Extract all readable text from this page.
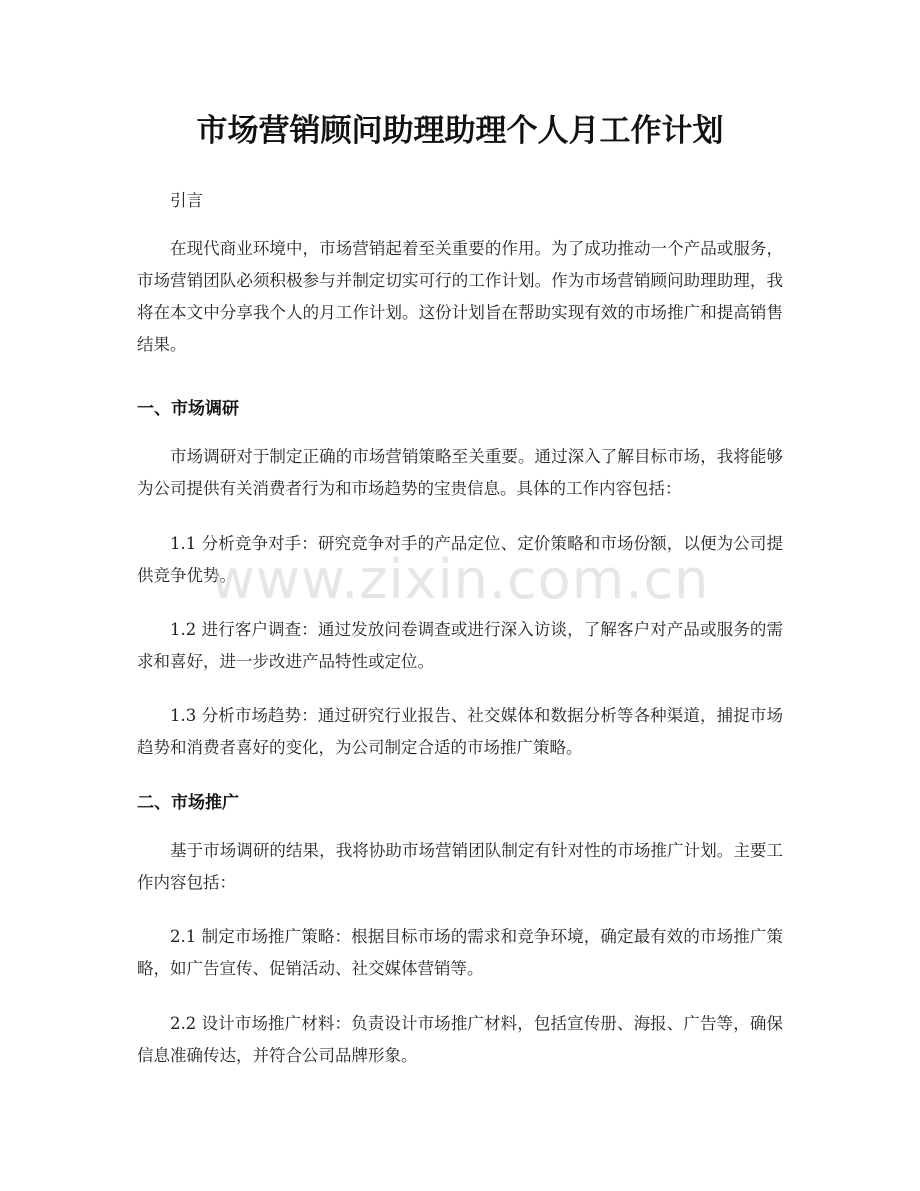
市场营销顾问助理助理个人月工作计划

引言

在现代商业环境中，市场营销起着至关重要的作用。为了成功推动一个产品或服务，市场营销团队必须积极参与并制定切实可行的工作计划。作为市场营销顾问助理助理，我将在本文中分享我个人的月工作计划。这份计划旨在帮助实现有效的市场推广和提高销售结果。

一、市场调研

市场调研对于制定正确的市场营销策略至关重要。通过深入了解目标市场，我将能够为公司提供有关消费者行为和市场趋势的宝贵信息。具体的工作内容包括：

1.1 分析竞争对手：研究竞争对手的产品定位、定价策略和市场份额，以便为公司提供竞争优势。

1.2 进行客户调查：通过发放问卷调查或进行深入访谈，了解客户对产品或服务的需求和喜好，进一步改进产品特性或定位。

1.3 分析市场趋势：通过研究行业报告、社交媒体和数据分析等各种渠道，捕捉市场趋势和消费者喜好的变化，为公司制定合适的市场推广策略。

二、市场推广

基于市场调研的结果，我将协助市场营销团队制定有针对性的市场推广计划。主要工作内容包括：

2.1 制定市场推广策略：根据目标市场的需求和竞争环境，确定最有效的市场推广策略，如广告宣传、促销活动、社交媒体营销等。

2.2 设计市场推广材料：负责设计市场推广材料，包括宣传册、海报、广告等，确保信息准确传达，并符合公司品牌形象。

www.zixin.com.cn
